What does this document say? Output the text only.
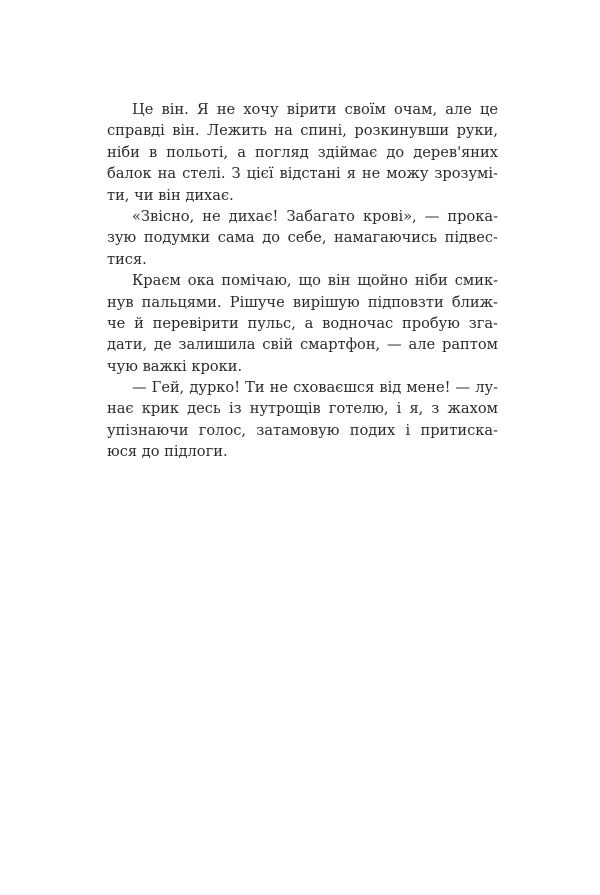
Це він. Я не хочу вірити своїм очам, але це
справді він. Лежить на спині, розкинувши руки,
ніби в польоті, а погляд здіймає до дерев'яних
балок на стелі. З цієї відстані я не можу зрозумі-
ти, чи він дихає.
«Звісно, не дихає! Забагато крові», — прока-
зую подумки сама до себе, намагаючись підвес-
тися.
Краєм ока помічаю, що він щойно ніби смик-
нув пальцями. Рішуче вирішую підповзти ближ-
че й перевірити пульс, а водночас пробую зга-
дати, де залишила свій смартфон, — але раптом
чую важкі кроки.
— Гей, дурко! Ти не сховаєшся від мене! — лу-
нає крик десь із нутрощів готелю, і я, з жахом
упізнаючи голос, затамовую подих і притиска-
юся до підлоги.
